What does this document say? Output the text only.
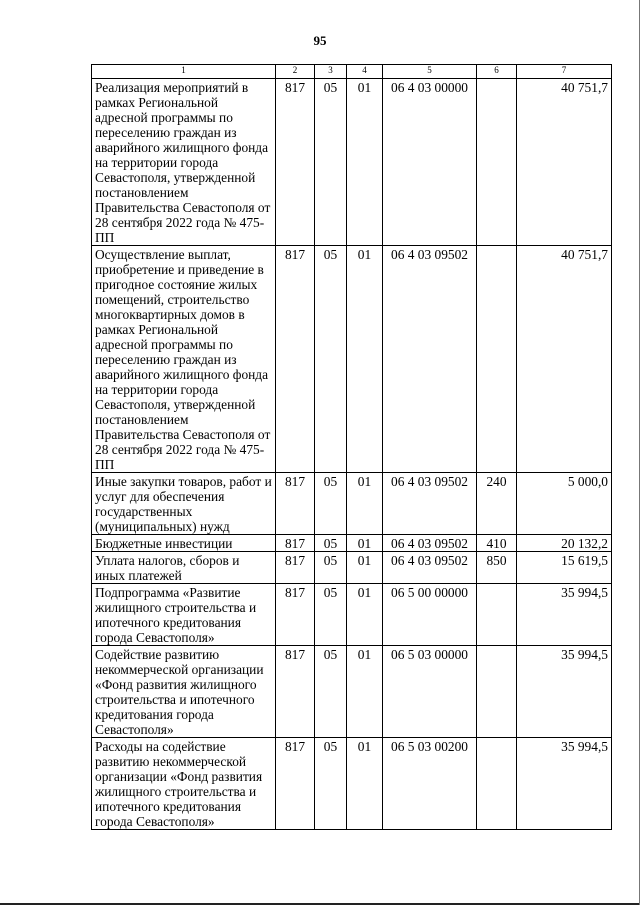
95
1	2	3	4	5	6	7
Реализация мероприятий в рамках Региональной адресной программы по переселению граждан из аварийного жилищного фонда на территории города Севастополя, утвержденной постановлением Правительства Севастополя от 28 сентября 2022 года № 475-ПП	817	05	01	06 4 03 00000		40 751,7
Осуществление выплат, приобретение и приведение в пригодное состояние жилых помещений, строительство многоквартирных домов в рамках Региональной адресной программы по переселению граждан из аварийного жилищного фонда на территории города Севастополя, утвержденной постановлением Правительства Севастополя от 28 сентября 2022 года № 475-ПП	817	05	01	06 4 03 09502		40 751,7
Иные закупки товаров, работ и услуг для обеспечения государственных (муниципальных) нужд	817	05	01	06 4 03 09502	240	5 000,0
Бюджетные инвестиции	817	05	01	06 4 03 09502	410	20 132,2
Уплата налогов, сборов и иных платежей	817	05	01	06 4 03 09502	850	15 619,5
Подпрограмма «Развитие жилищного строительства и ипотечного кредитования города Севастополя»	817	05	01	06 5 00 00000		35 994,5
Содействие развитию некоммерческой организации «Фонд развития жилищного строительства и ипотечного кредитования города Севастополя»	817	05	01	06 5 03 00000		35 994,5
Расходы на содействие развитию некоммерческой организации «Фонд развития жилищного строительства и ипотечного кредитования города Севастополя»	817	05	01	06 5 03 00200		35 994,5
